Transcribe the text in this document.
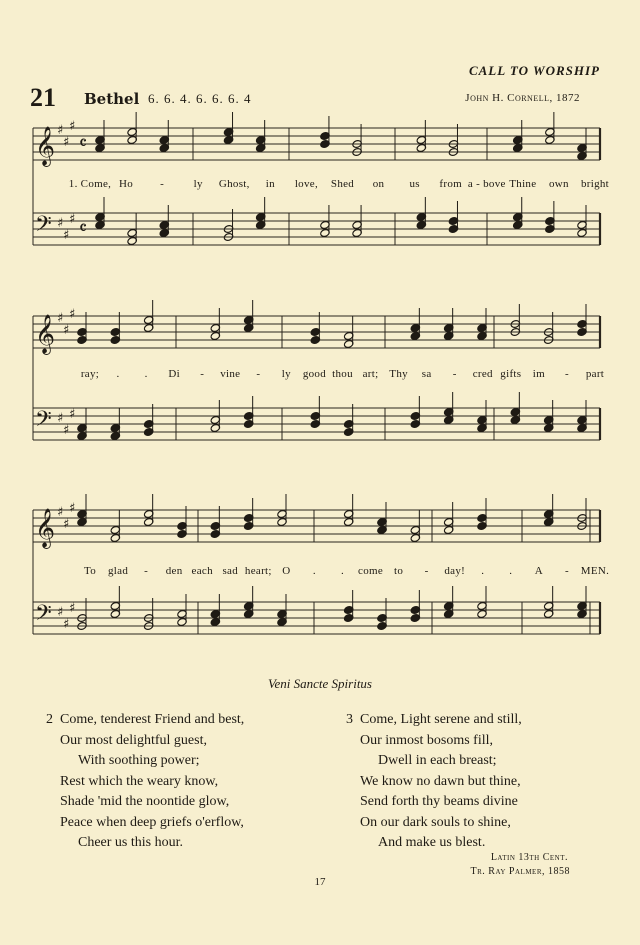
CALL TO WORSHIP
21 Bethel 6. 6. 4. 6. 6. 6. 4	John H. Cornell, 1872
𝄞 ♯
♯
♯
𝄴
𝄢 ♯
♯
♯ 𝄴
𝄞 ♯
♯
♯
𝄢 ♯
♯
♯
𝄞 ♯
♯
♯
𝄢 ♯
♯
♯
1. Come, Ho -	ly Ghost, in love, Shed on us from a - bove Thine own bright
ray; . . Di - vine - ly good thou art; Thy sa - cred gifts im - part
To glad - den each sad heart; O . . come to - day! . . A - MEN.
Veni Sancte Spiritus
2 Come, tenderest Friend and best,
Our most delightful guest,
With soothing power;
Rest which the weary know,
Shade 'mid the noontide glow,
Peace when deep griefs o'erflow,
Cheer us this hour.
3 Come, Light serene and still,
Our inmost bosoms fill,
Dwell in each breast;
We know no dawn but thine,
Send forth thy beams divine
On our dark souls to shine,
And make us blest.
Latin 13th Cent.
Tr. Ray Palmer, 1858
17
